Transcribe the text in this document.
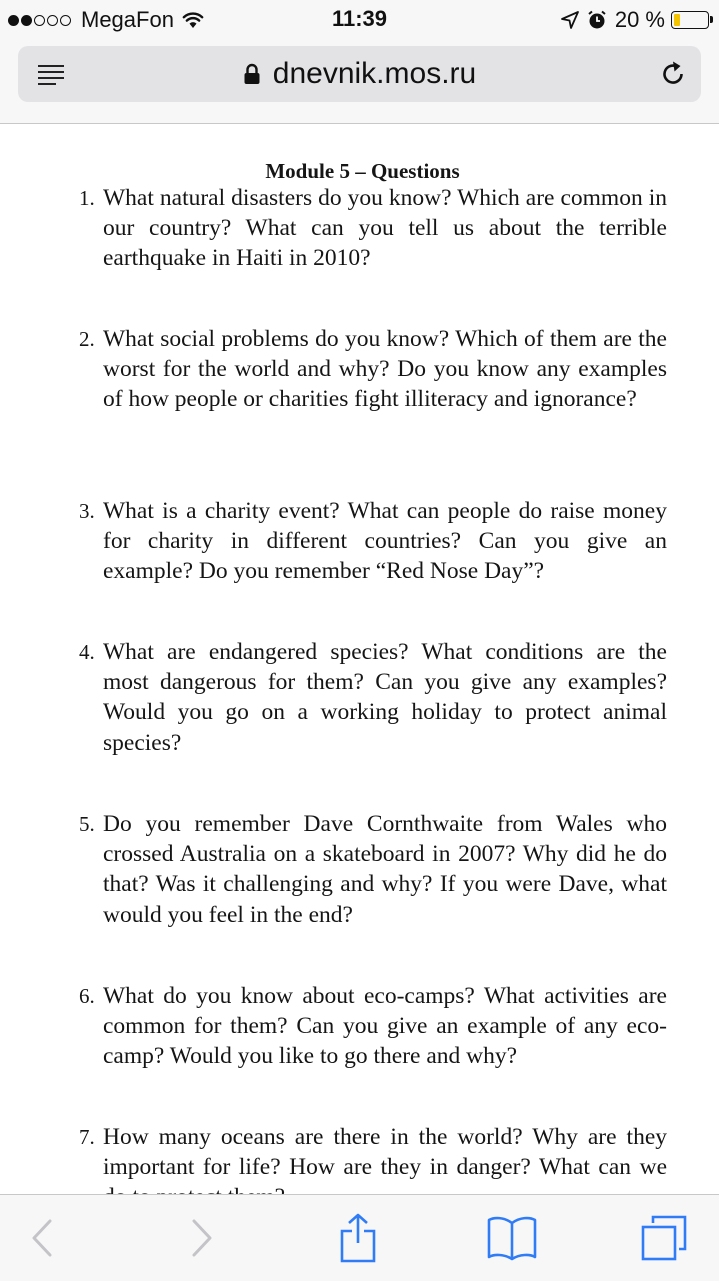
MegaFon	11:39	20 %
dnevnik.mos.ru
Module 5 – Questions
1. What natural disasters do you know? Which are common in our country? What can you tell us about the terrible earthquake in Haiti in 2010?
2. What social problems do you know? Which of them are the worst for the world and why? Do you know any examples of how people or charities fight illiteracy and ignorance?
3. What is a charity event? What can people do raise money for charity in different countries? Can you give an example? Do you remember “Red Nose Day”?
4. What are endangered species? What conditions are the most dangerous for them? Can you give any examples? Would you go on a working holiday to protect animal species?
5. Do you remember Dave Cornthwaite from Wales who crossed Australia on a skateboard in 2007? Why did he do that? Was it challenging and why? If you were Dave, what would you feel in the end?
6. What do you know about eco-camps? What activities are common for them? Can you give an example of any eco-camp? Would you like to go there and why?
7. How many oceans are there in the world? Why are they important for life? How are they in danger? What can we
